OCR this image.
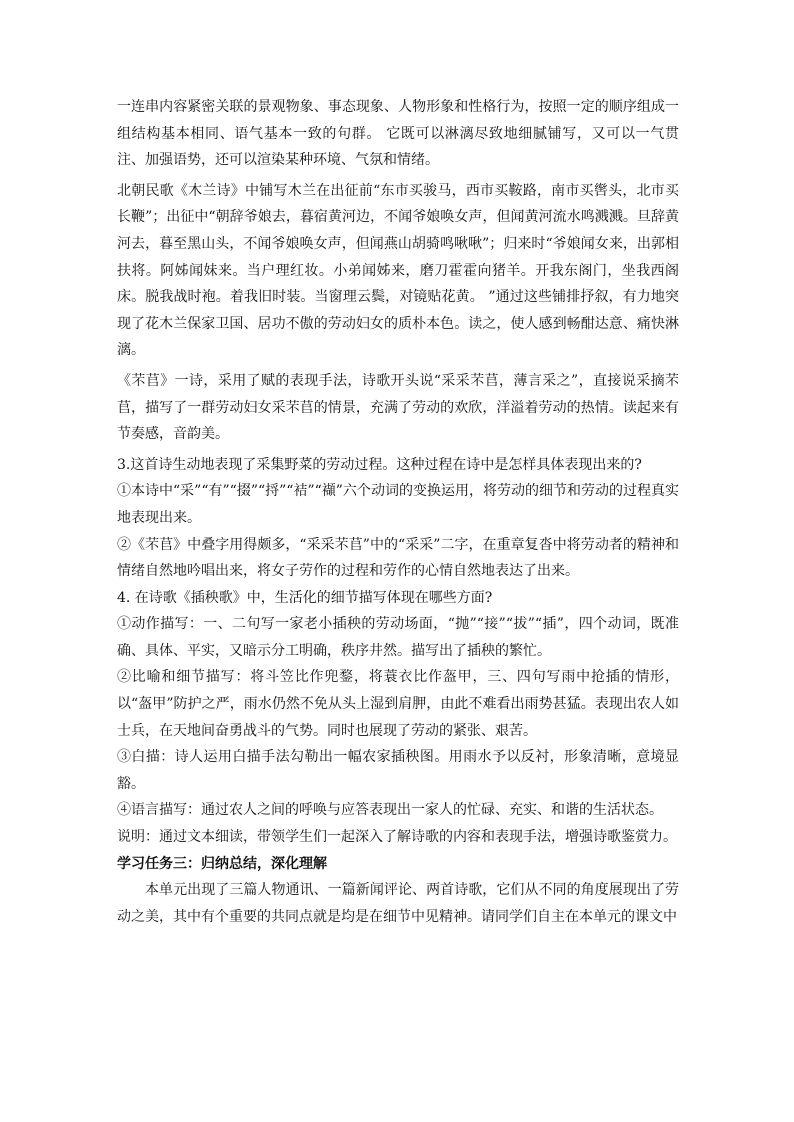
一连串内容紧密关联的景观物象、事态现象、人物形象和性格行为，按照一定的顺序组成一组结构基本相同、语气基本一致的句群。 它既可以淋漓尽致地细腻铺写，又可以一气贯注、加强语势，还可以渲染某种环境、气氛和情绪。

北朝民歌《木兰诗》中铺写木兰在出征前“东市买骏马，西市买鞍路，南市买辔头，北市买长鞭”；出征中“朝辞爷娘去，暮宿黄河边，不闻爷娘唤女声，但闻黄河流水鸣溅溅。旦辞黄河去，暮至黑山头，不闻爷娘唤女声，但闻燕山胡骑鸣啾啾”；归来时“爷娘闻女来，出郭相扶将。阿姊闻妹来。当户理红妆。小弟闻姊来，磨刀霍霍向猪羊。开我东阁门，坐我西阁床。脱我战时袍。着我旧时装。当窗理云鬓，对镜贴花黄。 ”通过这些铺排抒叙，有力地突现了花木兰保家卫国、居功不傲的劳动妇女的质朴本色。读之，使人感到畅酣达意、痛快淋漓。

《芣苢》一诗，采用了赋的表现手法，诗歌开头说“采采芣苢，薄言采之”，直接说采摘芣苢，描写了一群劳动妇女采芣苢的情景，充满了劳动的欢欣，洋溢着劳动的热情。读起来有节奏感，音韵美。

3.这首诗生动地表现了采集野菜的劳动过程。这种过程在诗中是怎样具体表现出来的?

①本诗中“采”“有”“掇”“捋”“袺”“襭”六个动词的变换运用，将劳动的细节和劳动的过程真实地表现出来。

②《芣苢》中叠字用得颇多，“采采芣苢”中的“采采”二字，在重章复沓中将劳动者的精神和情绪自然地吟唱出来，将女子劳作的过程和劳作的心情自然地表达了出来。

4. 在诗歌《插秧歌》中，生活化的细节描写体现在哪些方面?

①动作描写：一、二句写一家老小插秧的劳动场面，“抛”“接”“拔”“插”，四个动词，既准确、具体、平实，又暗示分工明确，秩序井然。描写出了插秧的繁忙。

②比喻和细节描写：将斗笠比作兜鍪，将蓑衣比作盔甲，三、四句写雨中抢插的情形，以“盔甲”防护之严，雨水仍然不免从头上湿到肩胛，由此不难看出雨势甚猛。表现出农人如士兵，在天地间奋勇战斗的气势。同时也展现了劳动的紧张、艰苦。

③白描：诗人运用白描手法勾勒出一幅农家插秧图。用雨水予以反衬，形象清晰，意境显豁。

④语言描写：通过农人之间的呼唤与应答表现出一家人的忙碌、充实、和谐的生活状态。

说明：通过文本细读，带领学生们一起深入了解诗歌的内容和表现手法，增强诗歌鉴赏力。

学习任务三：归纳总结，深化理解

本单元出现了三篇人物通讯、一篇新闻评论、两首诗歌，它们从不同的角度展现出了劳动之美，其中有个重要的共同点就是均是在细节中见精神。请同学们自主在本单元的课文中
